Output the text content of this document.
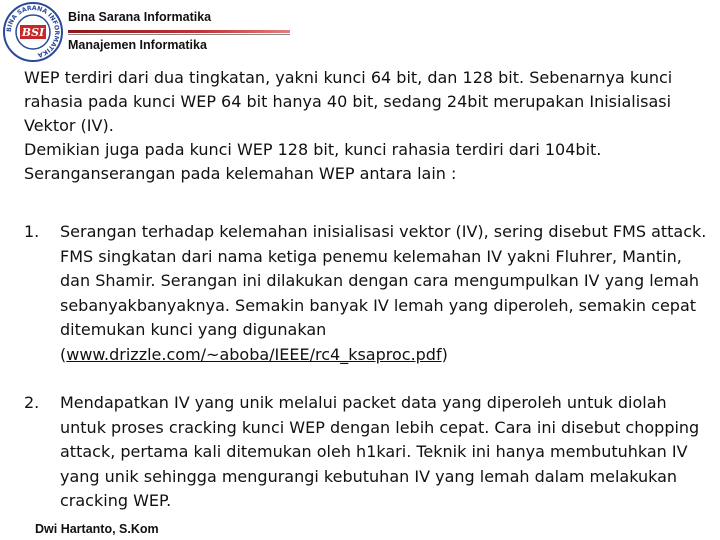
BINA SARANA INFORMATIKA
BSI
Bina Sarana Informatika
Manajemen Informatika

WEP terdiri dari dua tingkatan, yakni kunci 64 bit, dan 128 bit. Sebenarnya kunci rahasia pada kunci WEP 64 bit hanya 40 bit, sedang 24bit merupakan Inisialisasi Vektor (IV).

Demikian juga pada kunci WEP 128 bit, kunci rahasia terdiri dari 104bit. Seranganserangan pada kelemahan WEP antara lain :

1.	Serangan terhadap kelemahan inisialisasi vektor (IV), sering disebut FMS attack. FMS singkatan dari nama ketiga penemu kelemahan IV yakni Fluhrer, Mantin, dan Shamir. Serangan ini dilakukan dengan cara mengumpulkan IV yang lemah sebanyakbanyaknya. Semakin banyak IV lemah yang diperoleh, semakin cepat ditemukan kunci yang digunakan (www.drizzle.com/~aboba/IEEE/rc4_ksaproc.pdf)
2.	Mendapatkan IV yang unik melalui packet data yang diperoleh untuk diolah untuk proses cracking kunci WEP dengan lebih cepat. Cara ini disebut chopping attack, pertama kali ditemukan oleh h1kari. Teknik ini hanya membutuhkan IV yang unik sehingga mengurangi kebutuhan IV yang lemah dalam melakukan cracking WEP.
Dwi Hartanto, S.Kom
